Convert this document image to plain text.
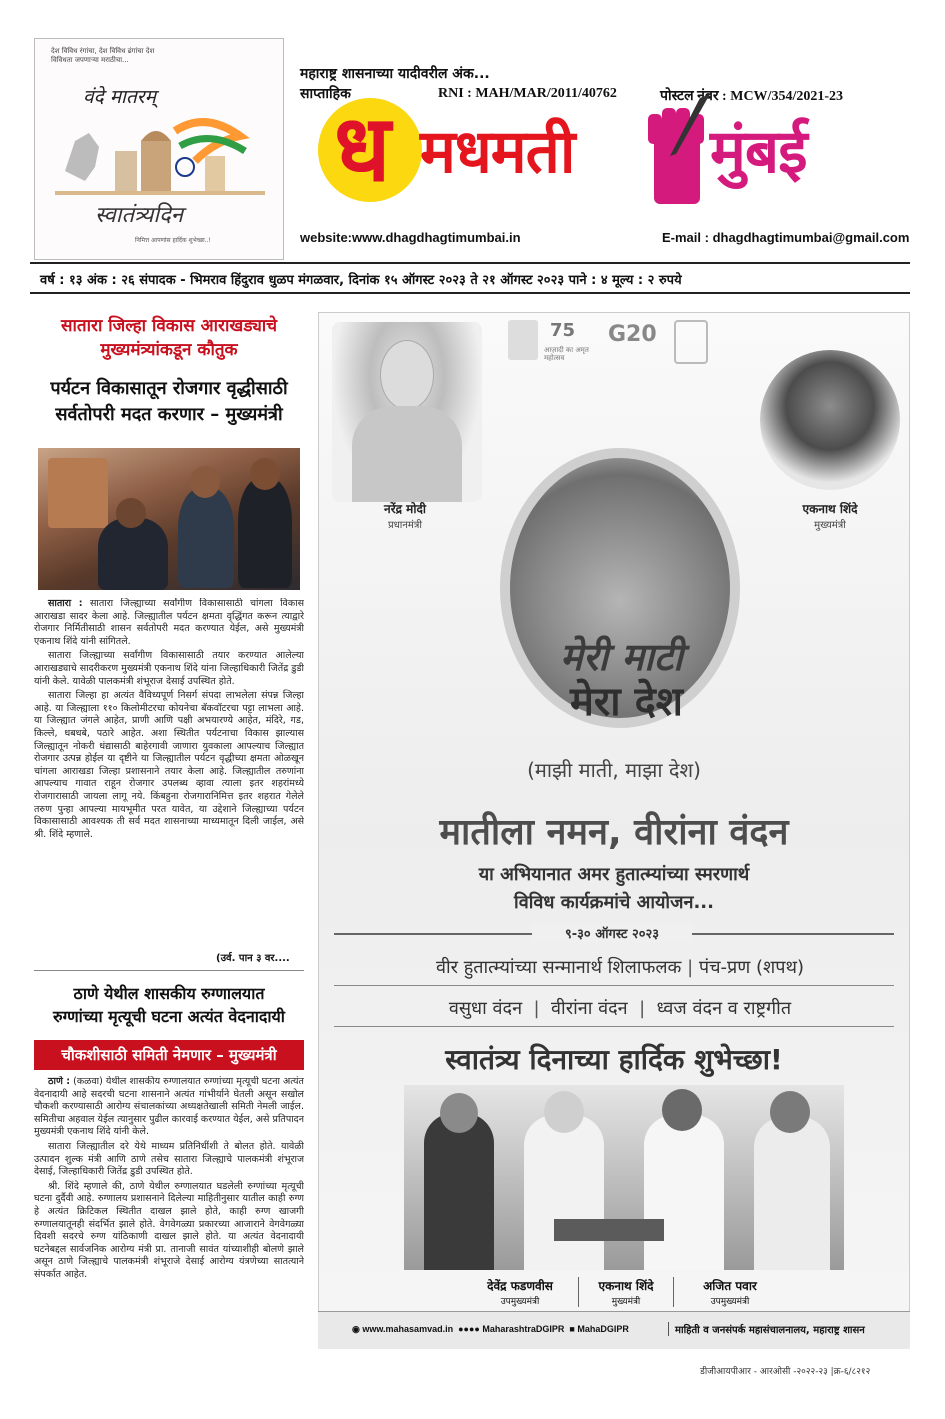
देश विविध रंगांचा, देश विविध ढंगांचा देश विविधता जपणाऱ्या मराठीचा...
वंदे मातरम्
स्वातंत्र्यदिन
निमित्त आपणांस हार्दिक शुभेच्छा..!
महाराष्ट्र शासनाच्या यादीवरील अंक...
साप्ताहिक	RNI : MAH/MAR/2011/40762	पोस्टल नंबर : MCW/354/2021-23
ध मधमती मुंबई
website:www.dhagdhagtimumbai.in	E-mail : dhagdhagtimumbai@gmail.com
वर्ष : १३ अंक : २६ संपादक - भिमराव हिंदुराव धुळप मंगळवार, दिनांक १५ ऑगस्ट २०२३ ते २१ ऑगस्ट २०२३ पाने : ४ मूल्य : २ रुपये
सातारा जिल्हा विकास आराखड्याचे
मुख्यमंत्र्यांकडून कौतुक
पर्यटन विकासातून रोजगार वृद्धीसाठी
सर्वतोपरी मदत करणार – मुख्यमंत्री

सातारा : सातारा जिल्ह्याच्या सर्वांगीण विकासासाठी चांगला विकास आराखडा सादर केला आहे. जिल्ह्यातील पर्यटन क्षमता वृद्धिंगत करून त्याद्वारे रोजगार निर्मितीसाठी शासन सर्वतोपरी मदत करण्यात येईल, असे मुख्यमंत्री एकनाथ शिंदे यांनी सांगितले.

सातारा जिल्ह्याच्या सर्वांगीण विकासासाठी तयार करण्यात आलेल्या आराखड्याचे सादरीकरण मुख्यमंत्री एकनाथ शिंदे यांना जिल्हाधिकारी जितेंद्र डुडी यांनी केले. यावेळी पालकमंत्री शंभूराज देसाई उपस्थित होते.

सातारा जिल्हा हा अत्यंत वैविध्यपूर्ण निसर्ग संपदा लाभलेला संपन्न जिल्हा आहे. या जिल्ह्याला ११० किलोमीटरचा कोयनेचा बॅकवॉटरचा पट्टा लाभला आहे. या जिल्ह्यात जंगले आहेत, प्राणी आणि पक्षी अभयारण्ये आहेत, मंदिरे, गड, किल्ले, धबधबे, पठारे आहेत. अशा स्थितीत पर्यटनाचा विकास झाल्यास जिल्ह्यातून नोकरी धंद्यासाठी बाहेरगावी जाणारा युवकाला आपल्याच जिल्ह्यात रोजगार उत्पन्न होईल या दृष्टीने या जिल्ह्यातील पर्यटन वृद्धीच्या क्षमता ओळखून चांगला आराखडा जिल्हा प्रशासनाने तयार केला आहे. जिल्ह्यातील तरुणांना आपल्याच गावात राहून रोजगार उपलब्ध व्हावा त्याला इतर शहरांमध्ये रोजगारासाठी जायला लागू नये. किंबहुना रोजगारानिमित्त इतर शहरात गेलेले तरुण पुन्हा आपल्या मायभूमीत परत यावेत, या उद्देशाने जिल्ह्याच्या पर्यटन विकासासाठी आवश्यक ती सर्व मदत शासनाच्या माध्यमातून दिली जाईल, असे श्री. शिंदे म्हणाले.

(उर्व. पान ३ वर....
ठाणे येथील शासकीय रुग्णालयात
रुग्णांच्या मृत्यूची घटना अत्यंत वेदनादायी
चौकशीसाठी समिती नेमणार – मुख्यमंत्री

ठाणे : (कळवा) येथील शासकीय रुग्णालयात रुग्णांच्या मृत्यूची घटना अत्यंत वेदनादायी आहे सदरची घटना शासनाने अत्यंत गांभीर्याने घेतली असून सखोल चौकशी करण्यासाठी आरोग्य संचालकांच्या अध्यक्षतेखाली समिती नेमली जाईल. समितीचा अहवाल येईल त्यानुसार पुढील कारवाई करण्यात येईल, असे प्रतिपादन मुख्यमंत्री एकनाथ शिंदे यांनी केले.

सातारा जिल्ह्यातील दरे येथे माध्यम प्रतिनिधींशी ते बोलत होते. यावेळी उत्पादन शुल्क मंत्री आणि ठाणे तसेच सातारा जिल्ह्याचे पालकमंत्री शंभूराज देसाई, जिल्हाधिकारी जितेंद्र डुडी उपस्थित होते.

श्री. शिंदे म्हणाले की, ठाणे येथील रुग्णालयात घडलेली रुग्णांच्या मृत्यूची घटना दुर्दैवी आहे. रुग्णालय प्रशासनाने दिलेल्या माहितीनुसार यातील काही रुग्ण हे अत्यंत क्रिटिकल स्थितीत दाखल झाले होते, काही रुग्ण खाजगी रुग्णालयातूनही संदर्भित झाले होते. वेगवेगळ्या प्रकारच्या आजाराने वेगवेगळ्या दिवशी सदरचे रुग्ण यांठिकाणी दाखल झाले होते. या अत्यंत वेदनादायी घटनेबद्दल सार्वजनिक आरोग्य मंत्री प्रा. तानाजी सावंत यांच्याशीही बोलणे झाले असून ठाणे जिल्ह्याचे पालकमंत्री शंभूराजे देसाई आरोग्य यंत्रणेच्या सातत्याने संपर्कात आहेत.

75
आज़ादी का अमृत महोत्सव
G20
नरेंद्र मोदी
प्रधानमंत्री
एकनाथ शिंदे
मुख्यमंत्री
मेरी माटी
मेरा देश
(माझी माती, माझा देश)
मातीला नमन, वीरांना वंदन
या अभियानात अमर हुतात्म्यांच्या स्मरणार्थ
विविध कार्यक्रमांचे आयोजन...
९-३० ऑगस्ट २०२३
वीर हुतात्म्यांच्या सन्मानार्थ शिलाफलक | पंच-प्रण (शपथ)
वसुधा वंदन  |  वीरांना वंदन  |  ध्वज वंदन व राष्ट्रगीत
स्वातंत्र्य दिनाच्या हार्दिक शुभेच्छा!
देवेंद्र फडणवीस
उपमुख्यमंत्री
एकनाथ शिंदे
मुख्यमंत्री
अजित पवार
उपमुख्यमंत्री
◉ www.mahasamvad.in ●●●● MaharashtraDGIPR ■ MahaDGIPR	माहिती व जनसंपर्क महासंचालनालय, महाराष्ट्र शासन
डीजीआयपीआर - आरओसी -२०२२-२३ |क्र-६/८२१२
